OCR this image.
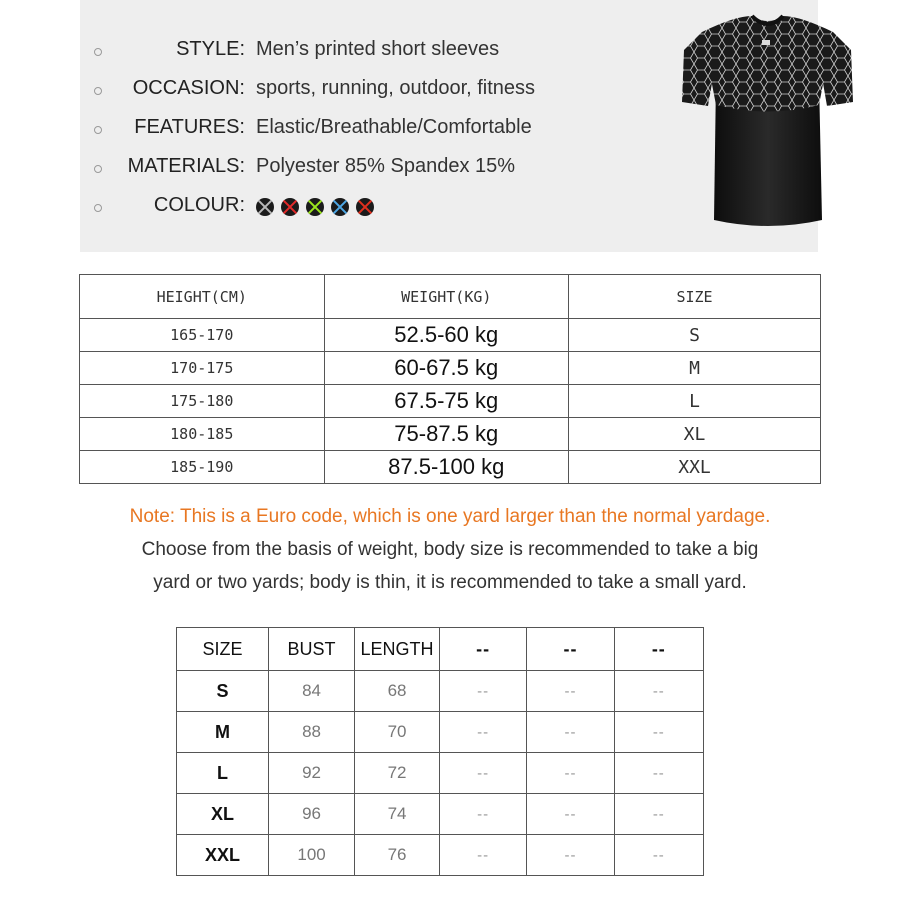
STYLE: Men’s printed short sleeves
OCCASION: sports, running, outdoor, fitness
FEATURES: Elastic/Breathable/Comfortable
MATERIALS: Polyester 85% Spandex 15%
COLOUR:
HEIGHT(CM)	WEIGHT(KG)	SIZE
165-170	52.5-60 kg	S
170-175	60-67.5 kg	M
175-180	67.5-75 kg	L
180-185	75-87.5 kg	XL
185-190	87.5-100 kg	XXL
Note: This is a Euro code, which is one yard larger than the normal yardage.
Choose from the basis of weight, body size is recommended to take a big
yard or two yards; body is thin, it is recommended to take a small yard.
SIZE	BUST	LENGTH	--	--	--
S	84	68	--	--	--
M	88	70	--	--	--
L	92	72	--	--	--
XL	96	74	--	--	--
XXL	100	76	--	--	--
